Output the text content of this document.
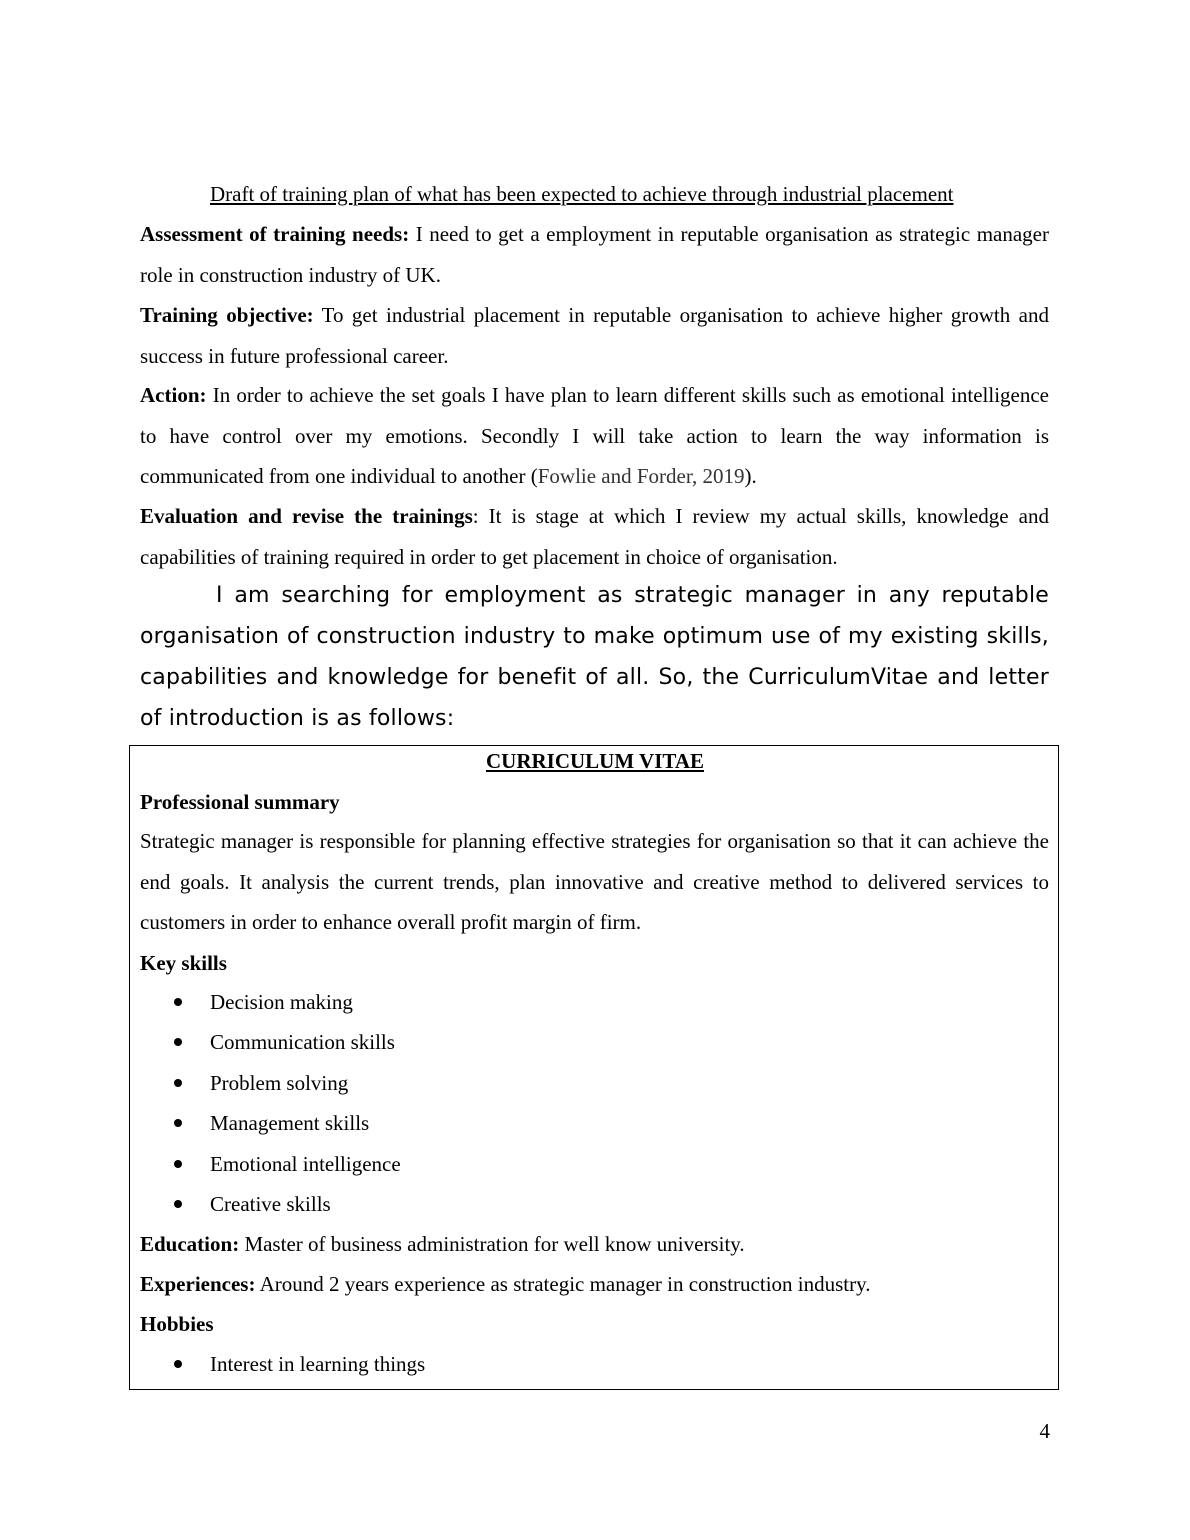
Draft of training plan of what has been expected to achieve through industrial placement

Assessment of training needs: I need to get a employment in reputable organisation as strategic manager role in construction industry of UK.

Training objective: To get industrial placement in reputable organisation to achieve higher growth and success in future professional career.

Action: In order to achieve the set goals I have plan to learn different skills such as emotional intelligence to have control over my emotions. Secondly I will take action to learn the way information is communicated from one individual to another (Fowlie and Forder, 2019).

Evaluation and revise the trainings: It is stage at which I review my actual skills, knowledge and capabilities of training required in order to get placement in choice of organisation.

I am searching for employment as strategic manager in any reputable organisation of construction industry to make optimum use of my existing skills, capabilities and knowledge for benefit of all. So, the CurriculumVitae and letter of introduction is as follows:

CURRICULUM VITAE

Professional summary

Strategic manager is responsible for planning effective strategies for organisation so that it can achieve the end goals. It analysis the current trends, plan innovative and creative method to delivered services to customers in order to enhance overall profit margin of firm.

Key skills

Decision making
Communication skills
Problem solving
Management skills
Emotional intelligence
Creative skills

Education: Master of business administration for well know university.

Experiences: Around 2 years experience as strategic manager in construction industry.

Hobbies

Interest in learning things
4
